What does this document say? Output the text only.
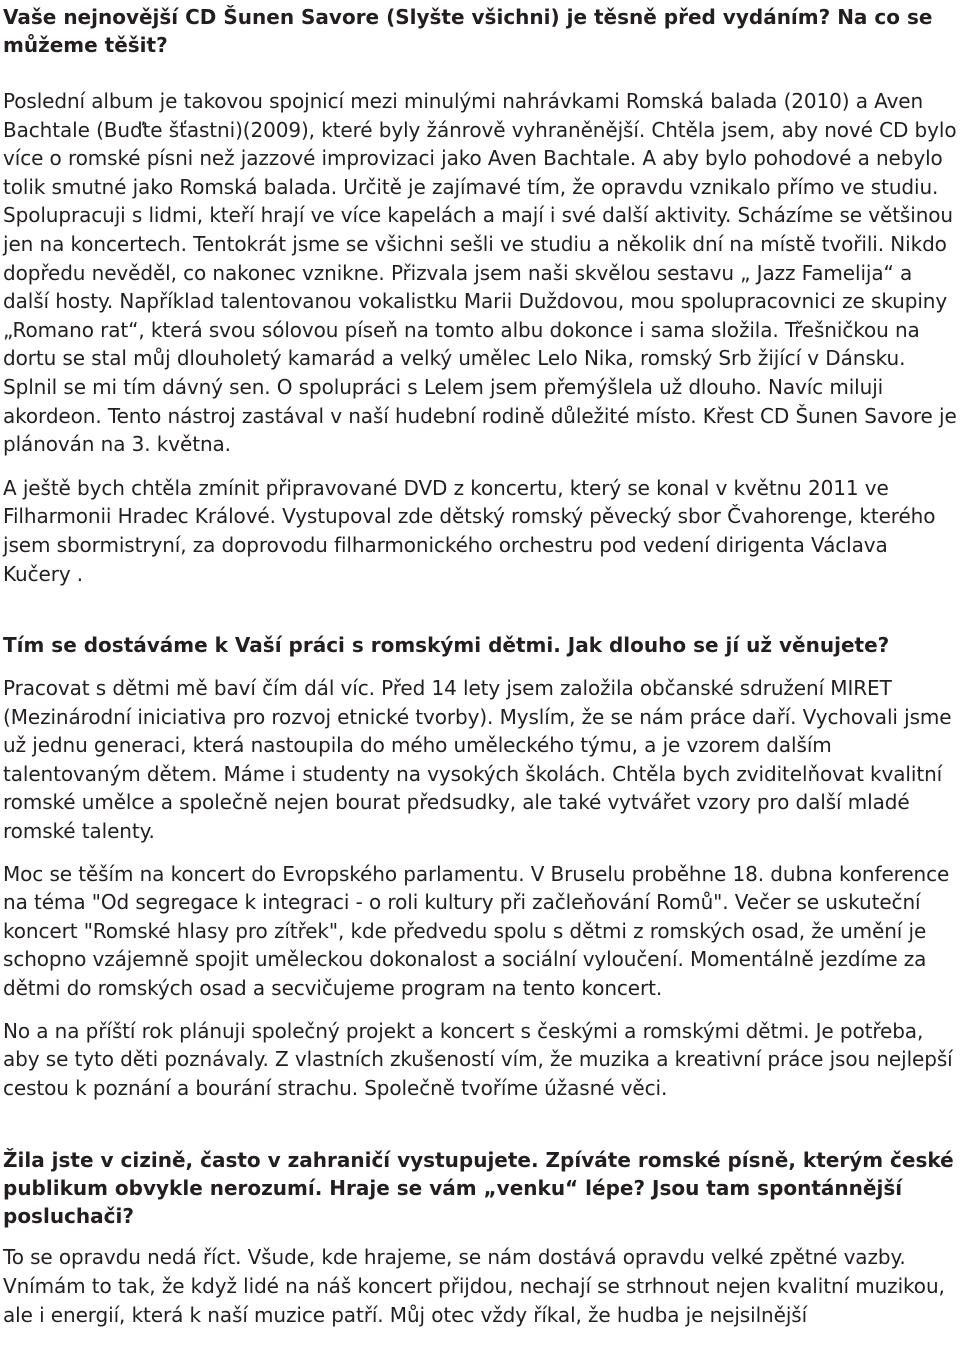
Vaše nejnovější CD Šunen Savore (Slyšte všichni) je těsně před vydáním? Na co se můžeme těšit?

Poslední album je takovou spojnicí mezi minulými nahrávkami Romská balada (2010) a Aven Bachtale (Buďte šťastni)(2009), které byly žánrově vyhraněnější. Chtěla jsem, aby nové CD bylo více o romské písni než jazzové improvizaci jako Aven Bachtale. A aby bylo pohodové a nebylo tolik smutné jako Romská balada. Určitě je zajímavé tím, že opravdu vznikalo přímo ve studiu. Spolupracuji s lidmi, kteří hrají ve více kapelách a mají i své další aktivity. Scházíme se většinou jen na koncertech. Tentokrát jsme se všichni sešli ve studiu a několik dní na místě tvořili. Nikdo dopředu nevěděl, co nakonec vznikne. Přizvala jsem naši skvělou sestavu „ Jazz Famelija“ a další hosty. Například talentovanou vokalistku Marii Duždovou, mou spolupracovnici ze skupiny „Romano rat“, která svou sólovou píseň na tomto albu dokonce i sama složila. Třešničkou na dortu se stal můj dlouholetý kamarád a velký umělec Lelo Nika, romský Srb žijící v Dánsku. Splnil se mi tím dávný sen. O spolupráci s Lelem jsem přemýšlela už dlouho. Navíc miluji akordeon. Tento nástroj zastával v naší hudební rodině důležité místo. Křest CD Šunen Savore je plánován na 3. května.

A ještě bych chtěla zmínit připravované DVD z koncertu, který se konal v květnu 2011 ve Filharmonii Hradec Králové. Vystupoval zde dětský romský pěvecký sbor Čvahorenge, kterého jsem sbormistryní, za doprovodu filharmonického orchestru pod vedení dirigenta Václava Kučery .

Tím se dostáváme k Vaší práci s romskými dětmi. Jak dlouho se jí už věnujete?

Pracovat s dětmi mě baví čím dál víc. Před 14 lety jsem založila občanské sdružení MIRET (Mezinárodní iniciativa pro rozvoj etnické tvorby). Myslím, že se nám práce daří. Vychovali jsme už jednu generaci, která nastoupila do mého uměleckého týmu, a je vzorem dalším talentovaným dětem. Máme i studenty na vysokých školách. Chtěla bych zviditelňovat kvalitní romské umělce a společně nejen bourat předsudky, ale také vytvářet vzory pro další mladé romské talenty.

Moc se těším na koncert do Evropského parlamentu. V Bruselu proběhne 18. dubna konference na téma "Od segregace k integraci - o roli kultury při začleňování Romů". Večer se uskuteční koncert "Romské hlasy pro zítřek", kde předvedu spolu s dětmi z romských osad, že umění je schopno vzájemně spojit uměleckou dokonalost a sociální vyloučení. Momentálně jezdíme za dětmi do romských osad a secvičujeme program na tento koncert.

No a na příští rok plánuji společný projekt a koncert s českými a romskými dětmi. Je potřeba, aby se tyto děti poznávaly. Z vlastních zkušeností vím, že muzika a kreativní práce jsou nejlepší cestou k poznání a bourání strachu. Společně tvoříme úžasné věci.

Žila jste v cizině, často v zahraničí vystupujete. Zpíváte romské písně, kterým české publikum obvykle nerozumí. Hraje se vám „venku“ lépe? Jsou tam spontánnější posluchači?

To se opravdu nedá říct. Všude, kde hrajeme, se nám dostává opravdu velké zpětné vazby. Vnímám to tak, že když lidé na náš koncert přijdou, nechají se strhnout nejen kvalitní muzikou, ale i energií, která k naší muzice patří. Můj otec vždy říkal, že hudba je nejsilnější
